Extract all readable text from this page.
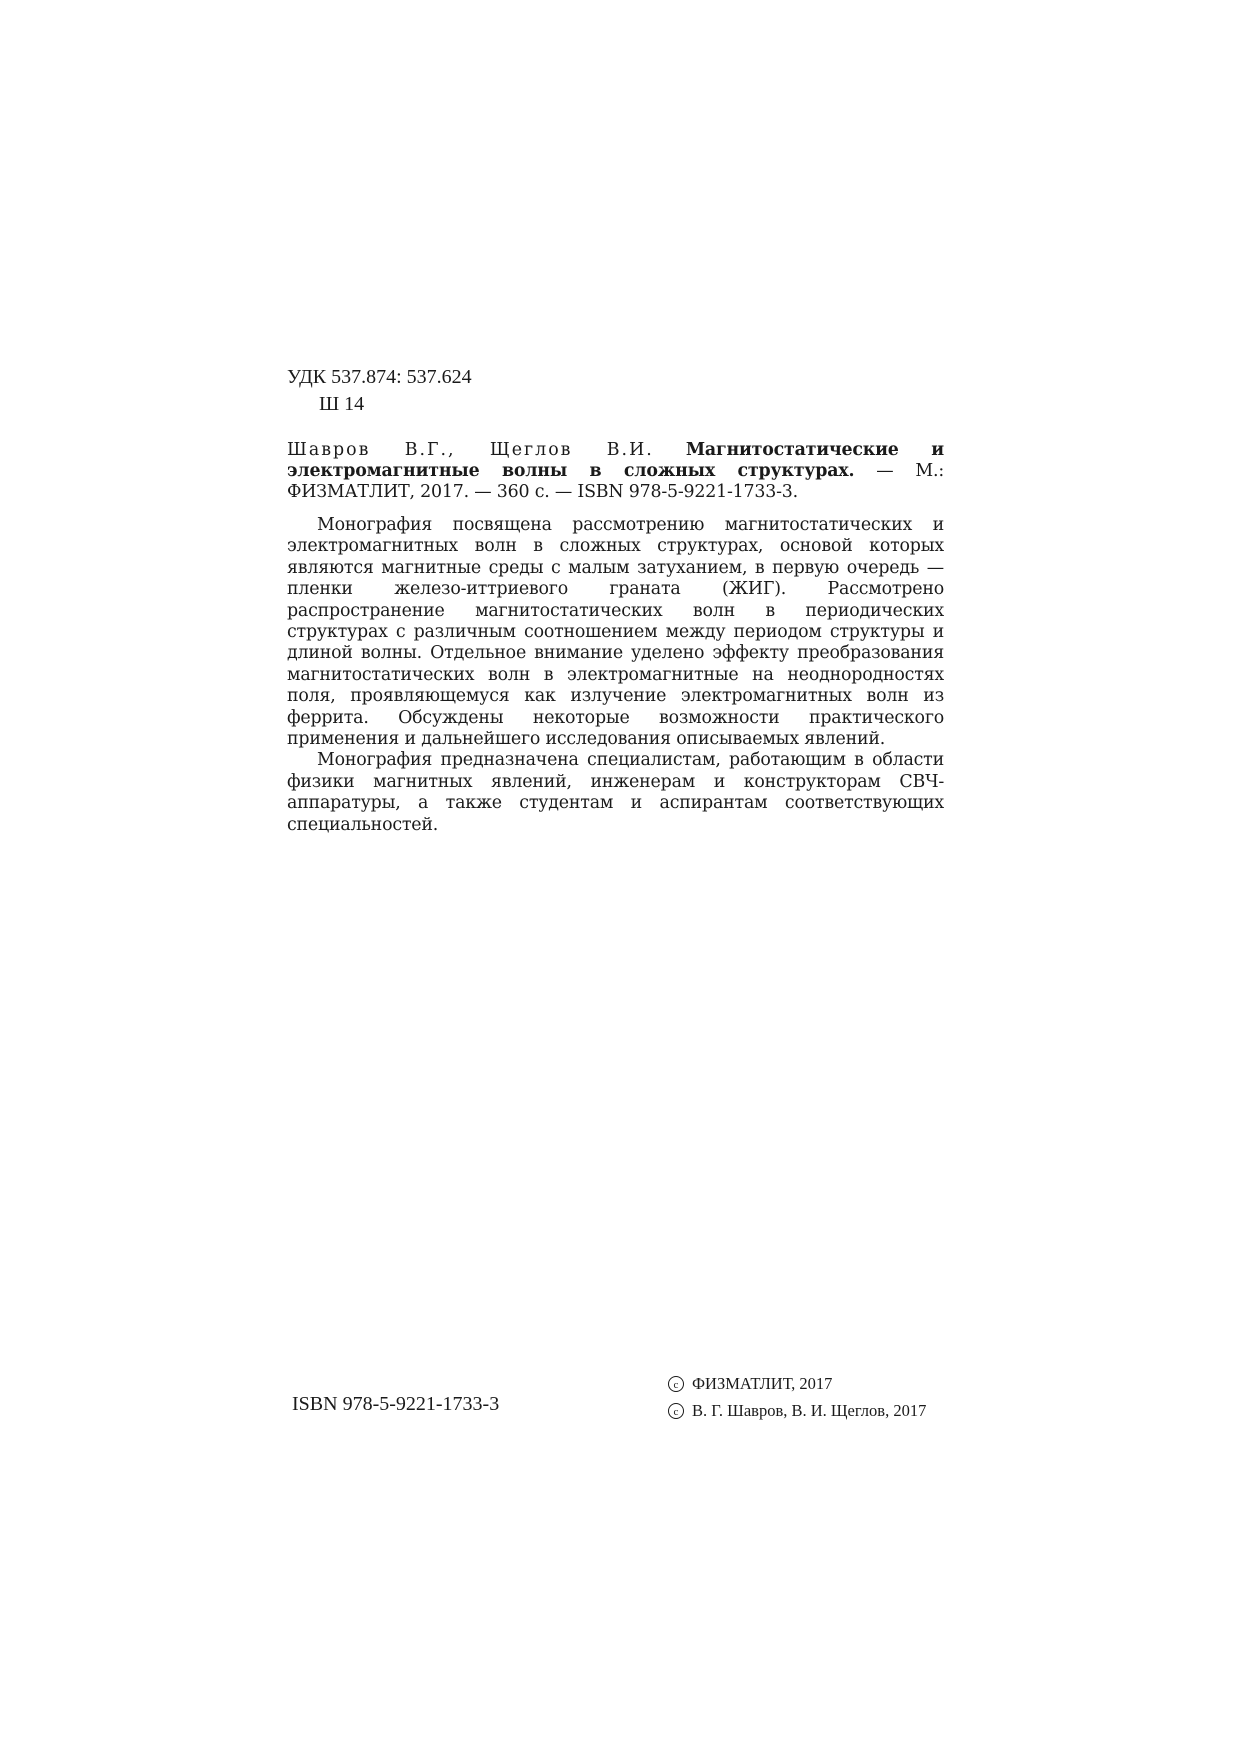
УДК 537.874: 537.624
Ш 14
Шавров В.Г., Щеглов В.И. Магнитостатические и электромагнитные волны в сложных структурах. — М.: ФИЗМАТЛИТ, 2017. — 360 с. — ISBN 978-5-9221-1733-3.

Монография посвящена рассмотрению магнитостатических и электромагнитных волн в сложных структурах, основой которых являются магнитные среды с малым затуханием, в первую очередь — пленки железо-иттриевого граната (ЖИГ). Рассмотрено распространение магнитостатических волн в периодических структурах с различным соотношением между периодом структуры и длиной волны. Отдельное внимание уделено эффекту преобразования магнитостатических волн в электромагнитные на неоднородностях поля, проявляющемуся как излучение электромагнитных волн из феррита. Обсуждены некоторые возможности практического применения и дальнейшего исследования описываемых явлений.

Монография предназначена специалистам, работающим в области физики магнитных явлений, инженерам и конструкторам СВЧ-аппаратуры, а также студентам и аспирантам соответствующих специальностей.

ISBN 978-5-9221-1733-3
c ФИЗМАТЛИТ, 2017
c В. Г. Шавров, В. И. Щеглов, 2017
